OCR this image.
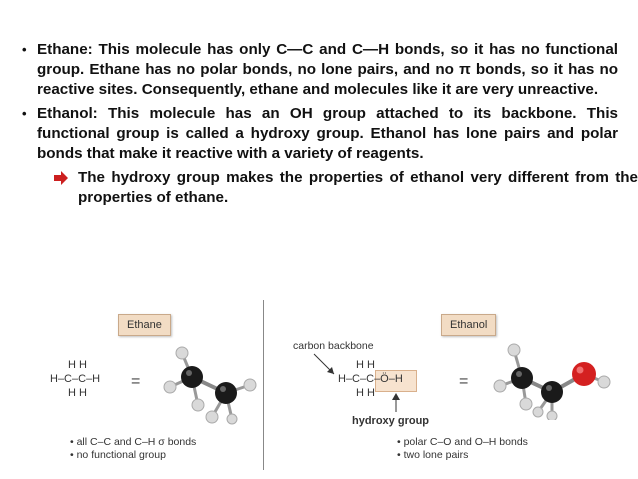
• Ethane: This molecule has only C—C and C—H bonds, so it has no functional group. Ethane has no polar bonds, no lone pairs, and no π bonds, so it has no reactive sites. Consequently, ethane and molecules like it are very unreactive.
• Ethanol: This molecule has an OH group attached to its backbone. This functional group is called a hydroxy group. Ethanol has lone pairs and polar bonds that make it reactive with a variety of reagents.
The hydroxy group makes the properties of ethanol very different from the properties of ethane.
Ethane
H H
H–C–C–H
H H
=
• all C–C and C–H σ bonds
• no functional group
Ethanol
carbon backbone
H H
H–C–C–Ö–H
H H
=
hydroxy group
• polar C–O and O–H bonds
• two lone pairs
